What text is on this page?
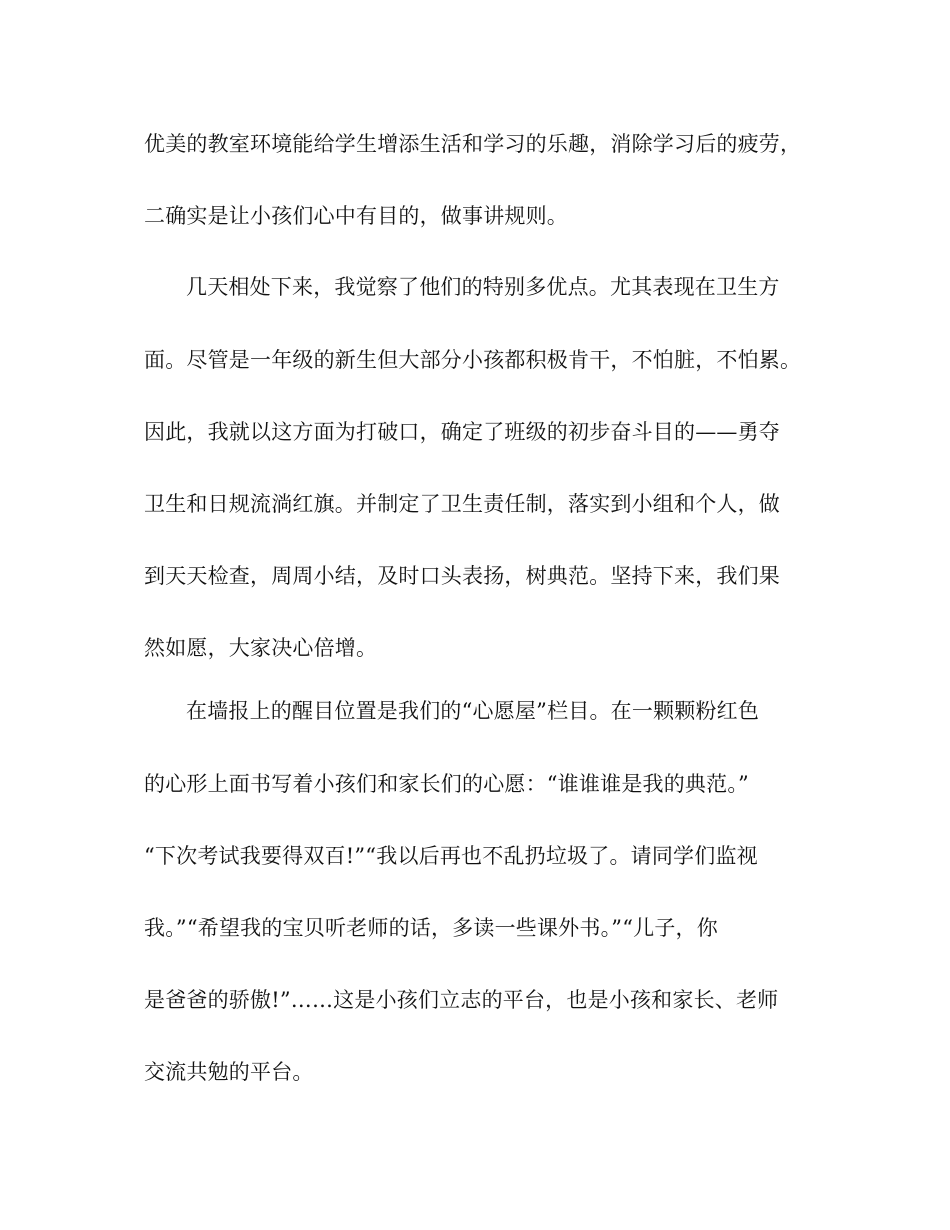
优美的教室环境能给学生增添生活和学习的乐趣，消除学习后的疲劳，
二确实是让小孩们心中有目的，做事讲规则。
几天相处下来，我觉察了他们的特别多优点。尤其表现在卫生方
面。尽管是一年级的新生但大部分小孩都积极肯干，不怕脏，不怕累。
因此，我就以这方面为打破口，确定了班级的初步奋斗目的——勇夺
卫生和日规流淌红旗。并制定了卫生责任制，落实到小组和个人，做
到天天检查，周周小结，及时口头表扬，树典范。坚持下来，我们果
然如愿，大家决心倍增。
在墙报上的醒目位置是我们的“心愿屋”栏目。在一颗颗粉红色
的心形上面书写着小孩们和家长们的心愿：“谁谁谁是我的典范。”
“下次考试我要得双百!”“我以后再也不乱扔垃圾了。请同学们监视
我。”“希望我的宝贝听老师的话，多读一些课外书。”“儿子，你
是爸爸的骄傲!”……这是小孩们立志的平台，也是小孩和家长、老师
交流共勉的平台。
